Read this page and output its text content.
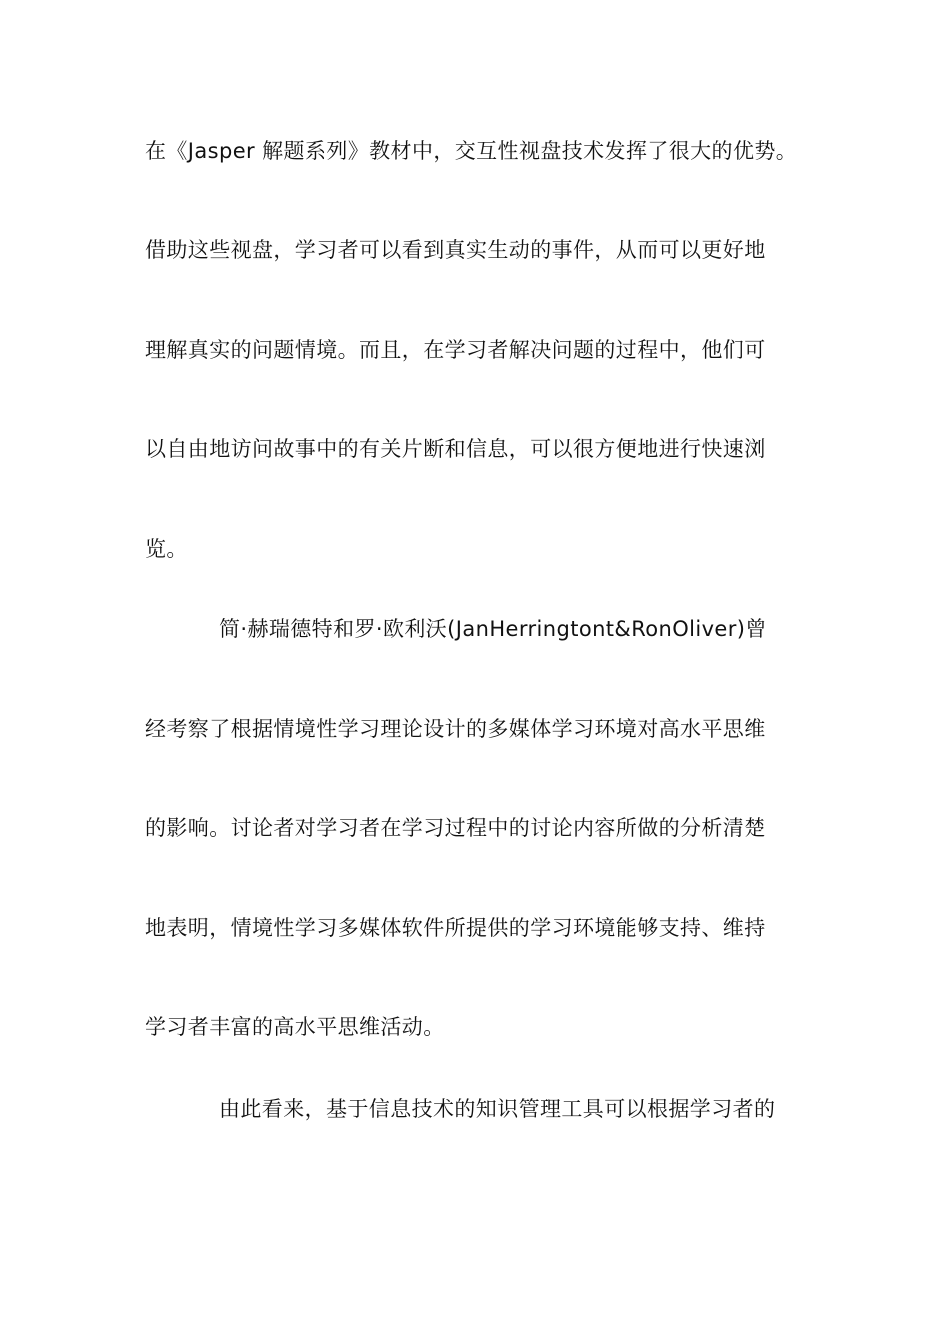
在《Jasper 解题系列》教材中，交互性视盘技术发挥了很大的优势。
借助这些视盘，学习者可以看到真实生动的事件，从而可以更好地
理解真实的问题情境。而且，在学习者解决问题的过程中，他们可
以自由地访问故事中的有关片断和信息，可以很方便地进行快速浏
览。
简·赫瑞德特和罗·欧利沃(JanHerringtont&RonOliver)曾
经考察了根据情境性学习理论设计的多媒体学习环境对高水平思维
的影响。讨论者对学习者在学习过程中的讨论内容所做的分析清楚
地表明，情境性学习多媒体软件所提供的学习环境能够支持、维持
学习者丰富的高水平思维活动。
由此看来，基于信息技术的知识管理工具可以根据学习者的
